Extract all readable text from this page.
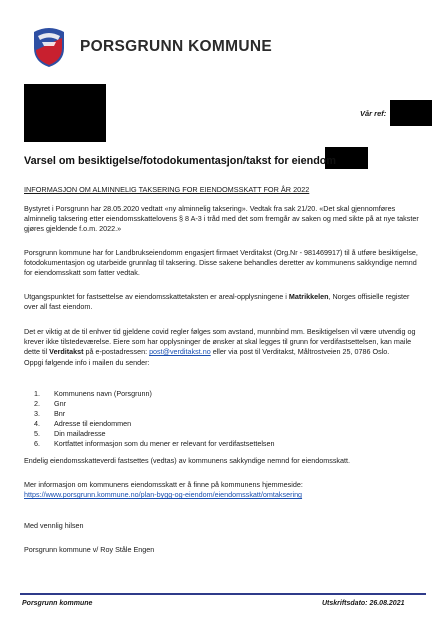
PORSGRUNN KOMMUNE
Vår ref:
Varsel om besiktigelse/fotodokumentasjon/takst for eiendom
INFORMASJON OM ALMINNELIG TAKSERING FOR EIENDOMSSKATT FOR ÅR 2022

Bystyret i Porsgrunn har 28.05.2020 vedtatt «ny alminnelig taksering». Vedtak fra sak 21/20. «Det skal gjennomføres alminnelig taksering etter eiendomsskattelovens § 8 A-3 i tråd med det som fremgår av saken og med sikte på at nye takster gjøres gjeldende f.o.m. 2022.»

Porsgrunn kommune har for Landbrukseiendomm engasjert firmaet Verditakst (Org.Nr - 981469917) til å utføre besiktigelse, fotodokumentasjon og utarbeide grunnlag til taksering. Disse sakene behandles deretter av kommunens sakkyndige nemnd for eiendomsskatt som fatter vedtak.

Utgangspunktet for fastsettelse av eiendomsskattetaksten er areal-opplysningene i Matrikkelen, Norges offisielle register over all fast eiendom.

Det er viktig at de til enhver tid gjeldene covid regler følges som avstand, munnbind mm. Besiktigelsen vil være utvendig og krever ikke tilstedeværelse. Eiere som har opplysninger de ønsker at skal legges til grunn for verdifastsettelsen, kan maile dette til Verditakst på e-postadressen: post@verditakst.no eller via post til Verditakst, Måltrostveien 25, 0786 Oslo.

Oppgi følgende info i mailen du sender:

1.	Kommunens navn (Porsgrunn)
2.	Gnr
3.	Bnr
4.	Adresse til eiendommen
5.	Din mailadresse
6.	Kortfattet informasjon som du mener er relevant for verdifastsettelsen

Endelig eiendomsskatteverdi fastsettes (vedtas) av kommunens sakkyndige nemnd for eiendomsskatt.

Mer informasjon om kommunens eiendomsskatt er å finne på kommunens hjemmeside:

https://www.porsgrunn.kommune.no/plan-bygg-og-eiendom/eiendomsskatt/omtaksering

Med vennlig hilsen

Porsgrunn kommune v/ Roy Ståle Engen

Porsgrunn kommune	Utskriftsdato: 26.08.2021
